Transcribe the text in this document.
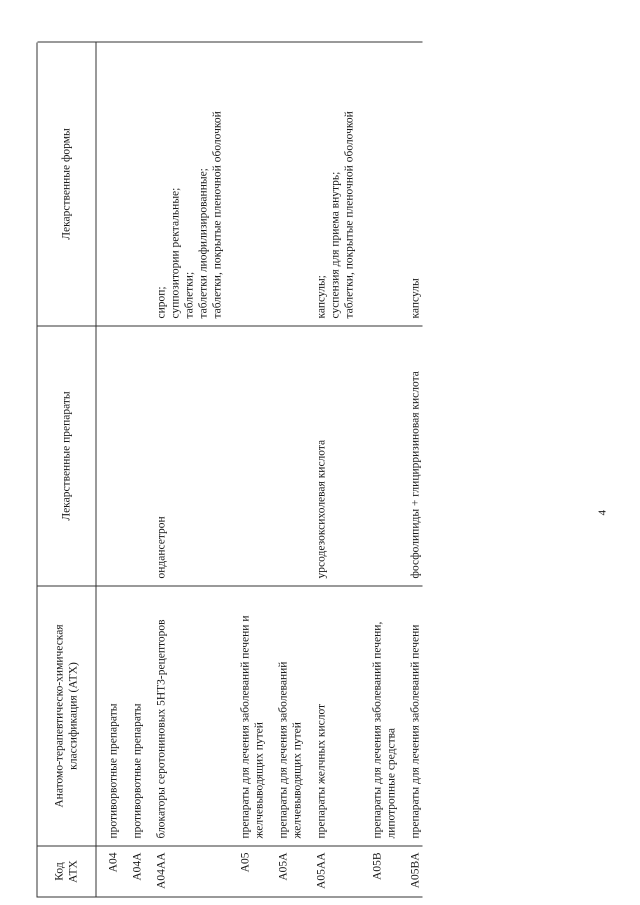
4
Код АТХ	Анатомо-терапевтическо-химическая классификация (АТХ)	Лекарственные препараты	Лекарственные формы

A04	противорвотные препараты		

A04A	противорвотные препараты		

A04AA	блокаторы серотониновых 5HT3-рецепторов	ондансетрон	сироп; суппозитории ректальные; таблетки; таблетки лиофилизированные; таблетки, покрытые пленочной оболочкой

A05	препараты для лечения заболеваний печени и желчевыводящих путей		

A05A	препараты для лечения заболеваний желчевыводящих путей		

A05AA	препараты желчных кислот	урсодезоксихолевая кислота	капсулы; суспензия для приема внутрь; таблетки, покрытые пленочной оболочкой

A05B	препараты для лечения заболеваний печени, липотропные средства		

A05BA	препараты для лечения заболеваний печени	фосфолипиды + глицирризиновая кислота	капсулы
